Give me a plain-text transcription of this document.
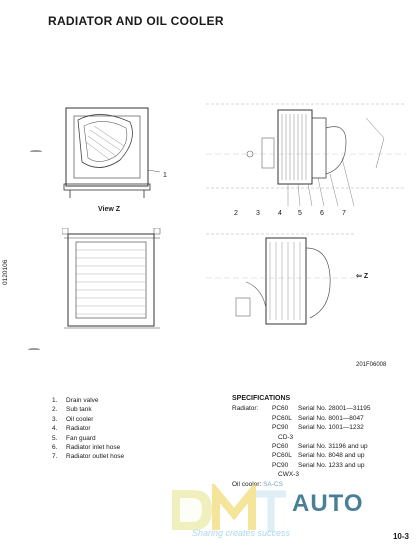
RADIATOR AND OIL COOLER
View Z
1
2	3	4 5	6	7
⇦ Z
201F06008
0120106
1.	Drain valve
2.	Sub tank
3.	Oil cooler
4.	Radiator
5.	Fan guard
6.	Radiator inlet hose
7.	Radiator outlet hose
SPECIFICATIONS
Radiator: PC60 Serial No. 28001—31195
PC60L Serial No. 8001—8047
PC90 Serial No. 1001—1232
CD-3
PC60 Serial No. 31196 and up
PC60L Serial No. 8048 and up
PC90 Serial No. 1233 and up
CWX-3
Oil cooler: SA-CS
AUTO
Sharing creates success	10-3
